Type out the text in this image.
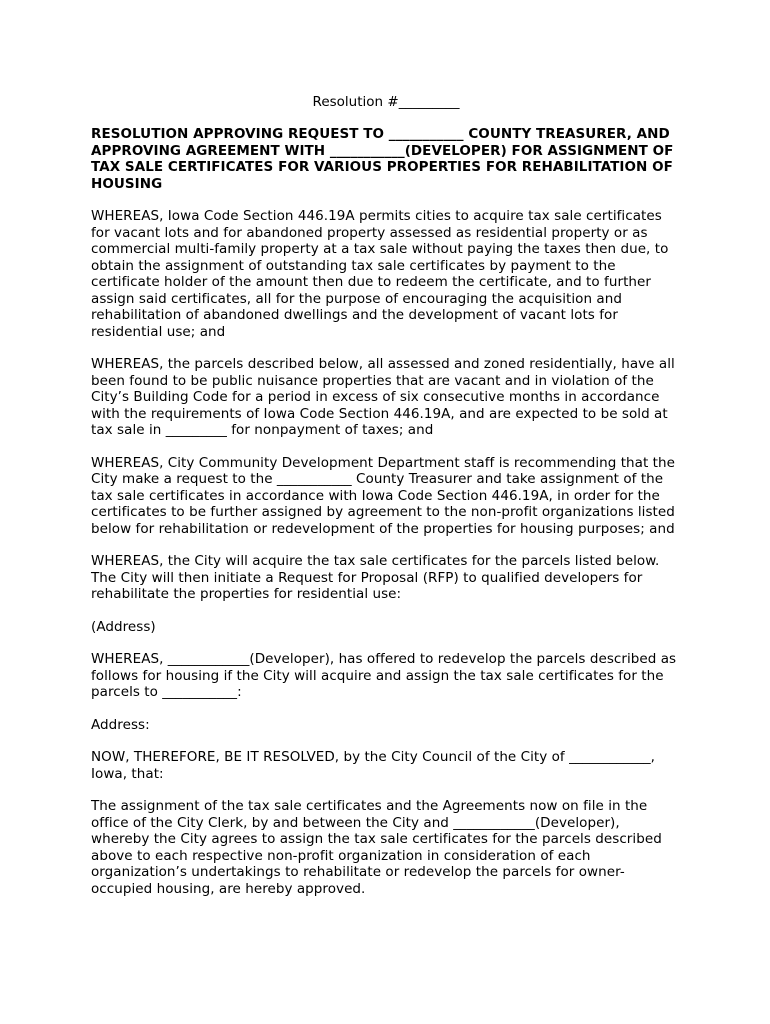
Resolution #_________

RESOLUTION APPROVING REQUEST TO ___________ COUNTY TREASURER, AND APPROVING AGREEMENT WITH ___________(DEVELOPER) FOR ASSIGNMENT OF TAX SALE CERTIFICATES FOR VARIOUS PROPERTIES FOR REHABILITATION OF HOUSING

WHEREAS, Iowa Code Section 446.19A permits cities to acquire tax sale certificates for vacant lots and for abandoned property assessed as residential property or as commercial multi-family property at a tax sale without paying the taxes then due, to obtain the assignment of outstanding tax sale certificates by payment to the certificate holder of the amount then due to redeem the certificate, and to further assign said certificates, all for the purpose of encouraging the acquisition and rehabilitation of abandoned dwellings and the development of vacant lots for residential use; and

WHEREAS, the parcels described below, all assessed and zoned residentially, have all been found to be public nuisance properties that are vacant and in violation of the City’s Building Code for a period in excess of six consecutive months in accordance with the requirements of Iowa Code Section 446.19A, and are expected to be sold at tax sale in _________ for nonpayment of taxes; and

WHEREAS, City Community Development Department staff is recommending that the City make a request to the ___________ County Treasurer and take assignment of the tax sale certificates in accordance with Iowa Code Section 446.19A, in order for the certificates to be further assigned by agreement to the non-profit organizations listed below for rehabilitation or redevelopment of the properties for housing purposes; and

WHEREAS, the City will acquire the tax sale certificates for the parcels listed below. The City will then initiate a Request for Proposal (RFP) to qualified developers for rehabilitate the properties for residential use:

(Address)

WHEREAS, ____________(Developer), has offered to redevelop the parcels described as follows for housing if the City will acquire and assign the tax sale certificates for the parcels to ___________:

Address:

NOW, THEREFORE, BE IT RESOLVED, by the City Council of the City of ____________, Iowa, that:

The assignment of the tax sale certificates and the Agreements now on file in the office of the City Clerk, by and between the City and ____________(Developer), whereby the City agrees to assign the tax sale certificates for the parcels described above to each respective non-profit organization in consideration of each organization’s undertakings to rehabilitate or redevelop the parcels for owner-occupied housing, are hereby approved.
